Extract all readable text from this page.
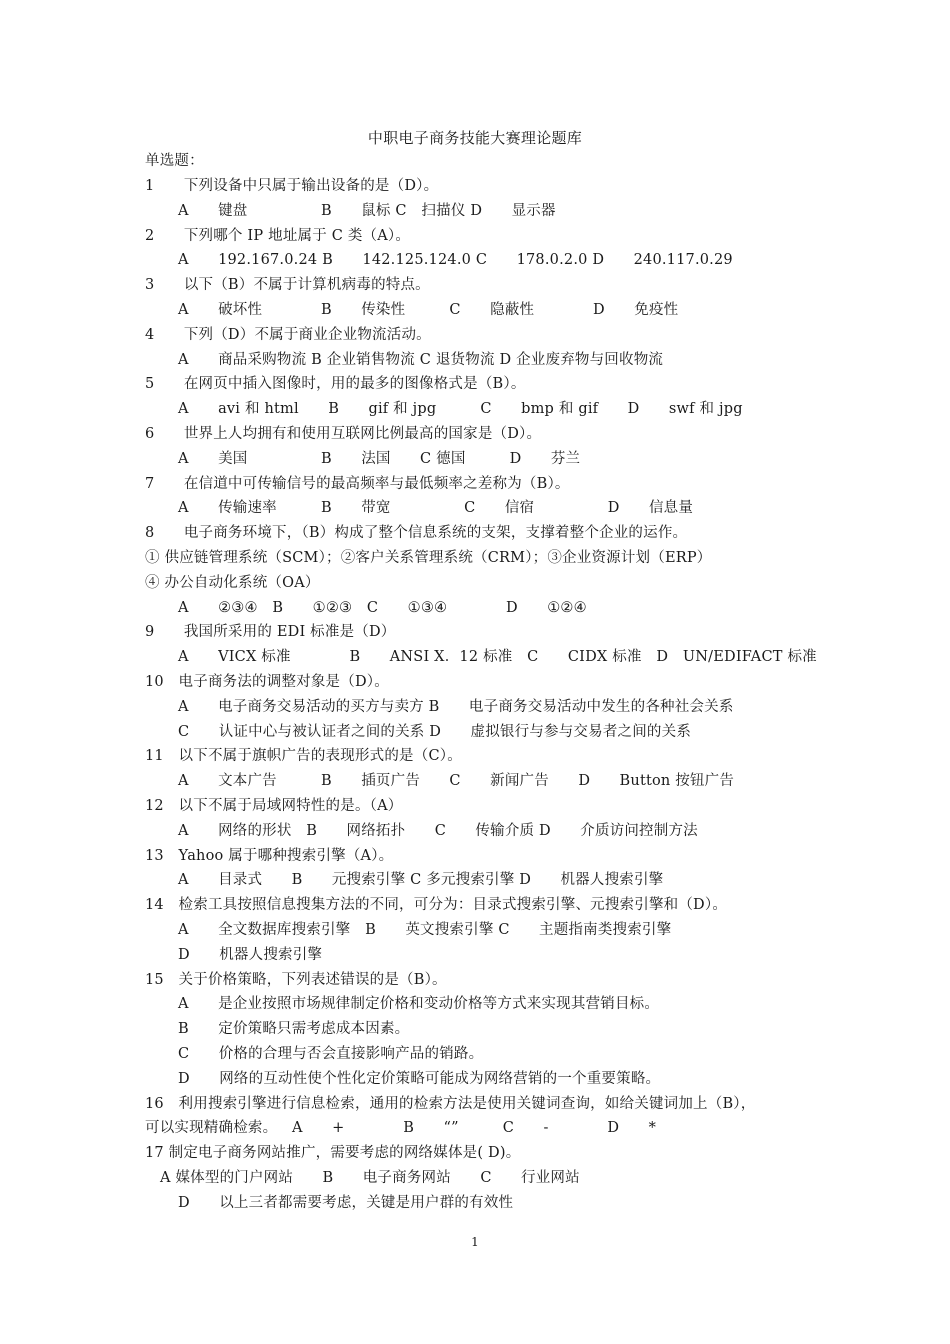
中职电子商务技能大赛理论题库
单选题：
1  下列设备中只属于输出设备的是（D）。
A  键盘     B  鼠标 C 扫描仪 D  显示器
2  下列哪个 IP 地址属于 C 类（A）。
A  192.167.0.24 B  142.125.124.0 C  178.0.2.0 D  240.117.0.29
3  以下（B）不属于计算机病毒的特点。
A  破坏性    B  传染性   C  隐蔽性    D  免疫性
4  下列（D）不属于商业企业物流活动。
A  商品采购物流 B 企业销售物流 C 退货物流 D 企业废弃物与回收物流
5  在网页中插入图像时，用的最多的图像格式是（B）。
A  avi 和 html  B  gif 和 jpg   C  bmp 和 gif  D  swf 和 jpg
6  世界上人均拥有和使用互联网比例最高的国家是（D）。
A  美国     B  法国  C 德国   D  芬兰
7  在信道中可传输信号的最高频率与最低频率之差称为（B）。
A  传输速率   B  带宽     C  信宿     D  信息量
8  电子商务环境下，（B）构成了整个信息系统的支架，支撑着整个企业的运作。
① 供应链管理系统（SCM）；②客户关系管理系统（CRM）；③企业资源计划（ERP）
④ 办公自动化系统（OA）
A  ②③④ B  ①②③ C  ①③④    D  ①②④
9  我国所采用的 EDI 标准是（D）
A  VICX 标准    B  ANSI X．12 标准 C  CIDX 标准 D UN/EDIFACT 标准
10 电子商务法的调整对象是（D）。
A  电子商务交易活动的买方与卖方 B  电子商务交易活动中发生的各种社会关系
C  认证中心与被认证者之间的关系 D  虚拟银行与参与交易者之间的关系
11 以下不属于旗帜广告的表现形式的是（C）。
A  文本广告   B  插页广告  C  新闻广告  D  Button 按钮广告
12 以下不属于局域网特性的是。（A）
A  网络的形状 B  网络拓扑  C  传输介质 D  介质访问控制方法
13 Yahoo 属于哪种搜索引擎（A）。
A  目录式  B  元搜索引擎 C 多元搜索引擎 D  机器人搜索引擎
14 检索工具按照信息搜集方法的不同，可分为：目录式搜索引擎、元搜索引擎和（D）。
A  全文数据库搜索引擎 B  英文搜索引擎 C  主题指南类搜索引擎
D  机器人搜索引擎
15 关于价格策略，下列表述错误的是（B）。
A  是企业按照市场规律制定价格和变动价格等方式来实现其营销目标。
B  定价策略只需考虑成本因素。
C  价格的合理与否会直接影响产品的销路。
D  网络的互动性使个性化定价策略可能成为网络营销的一个重要策略。
16 利用搜索引擎进行信息检索，通用的检索方法是使用关键词查询，如给关键词加上（B），
可以实现精确检索。 A  +    B  “”   C  -    D  *
17 制定电子商务网站推广，需要考虑的网络媒体是( D)。
A 媒体型的门户网站  B  电子商务网站  C  行业网站
D  以上三者都需要考虑，关键是用户群的有效性
1
